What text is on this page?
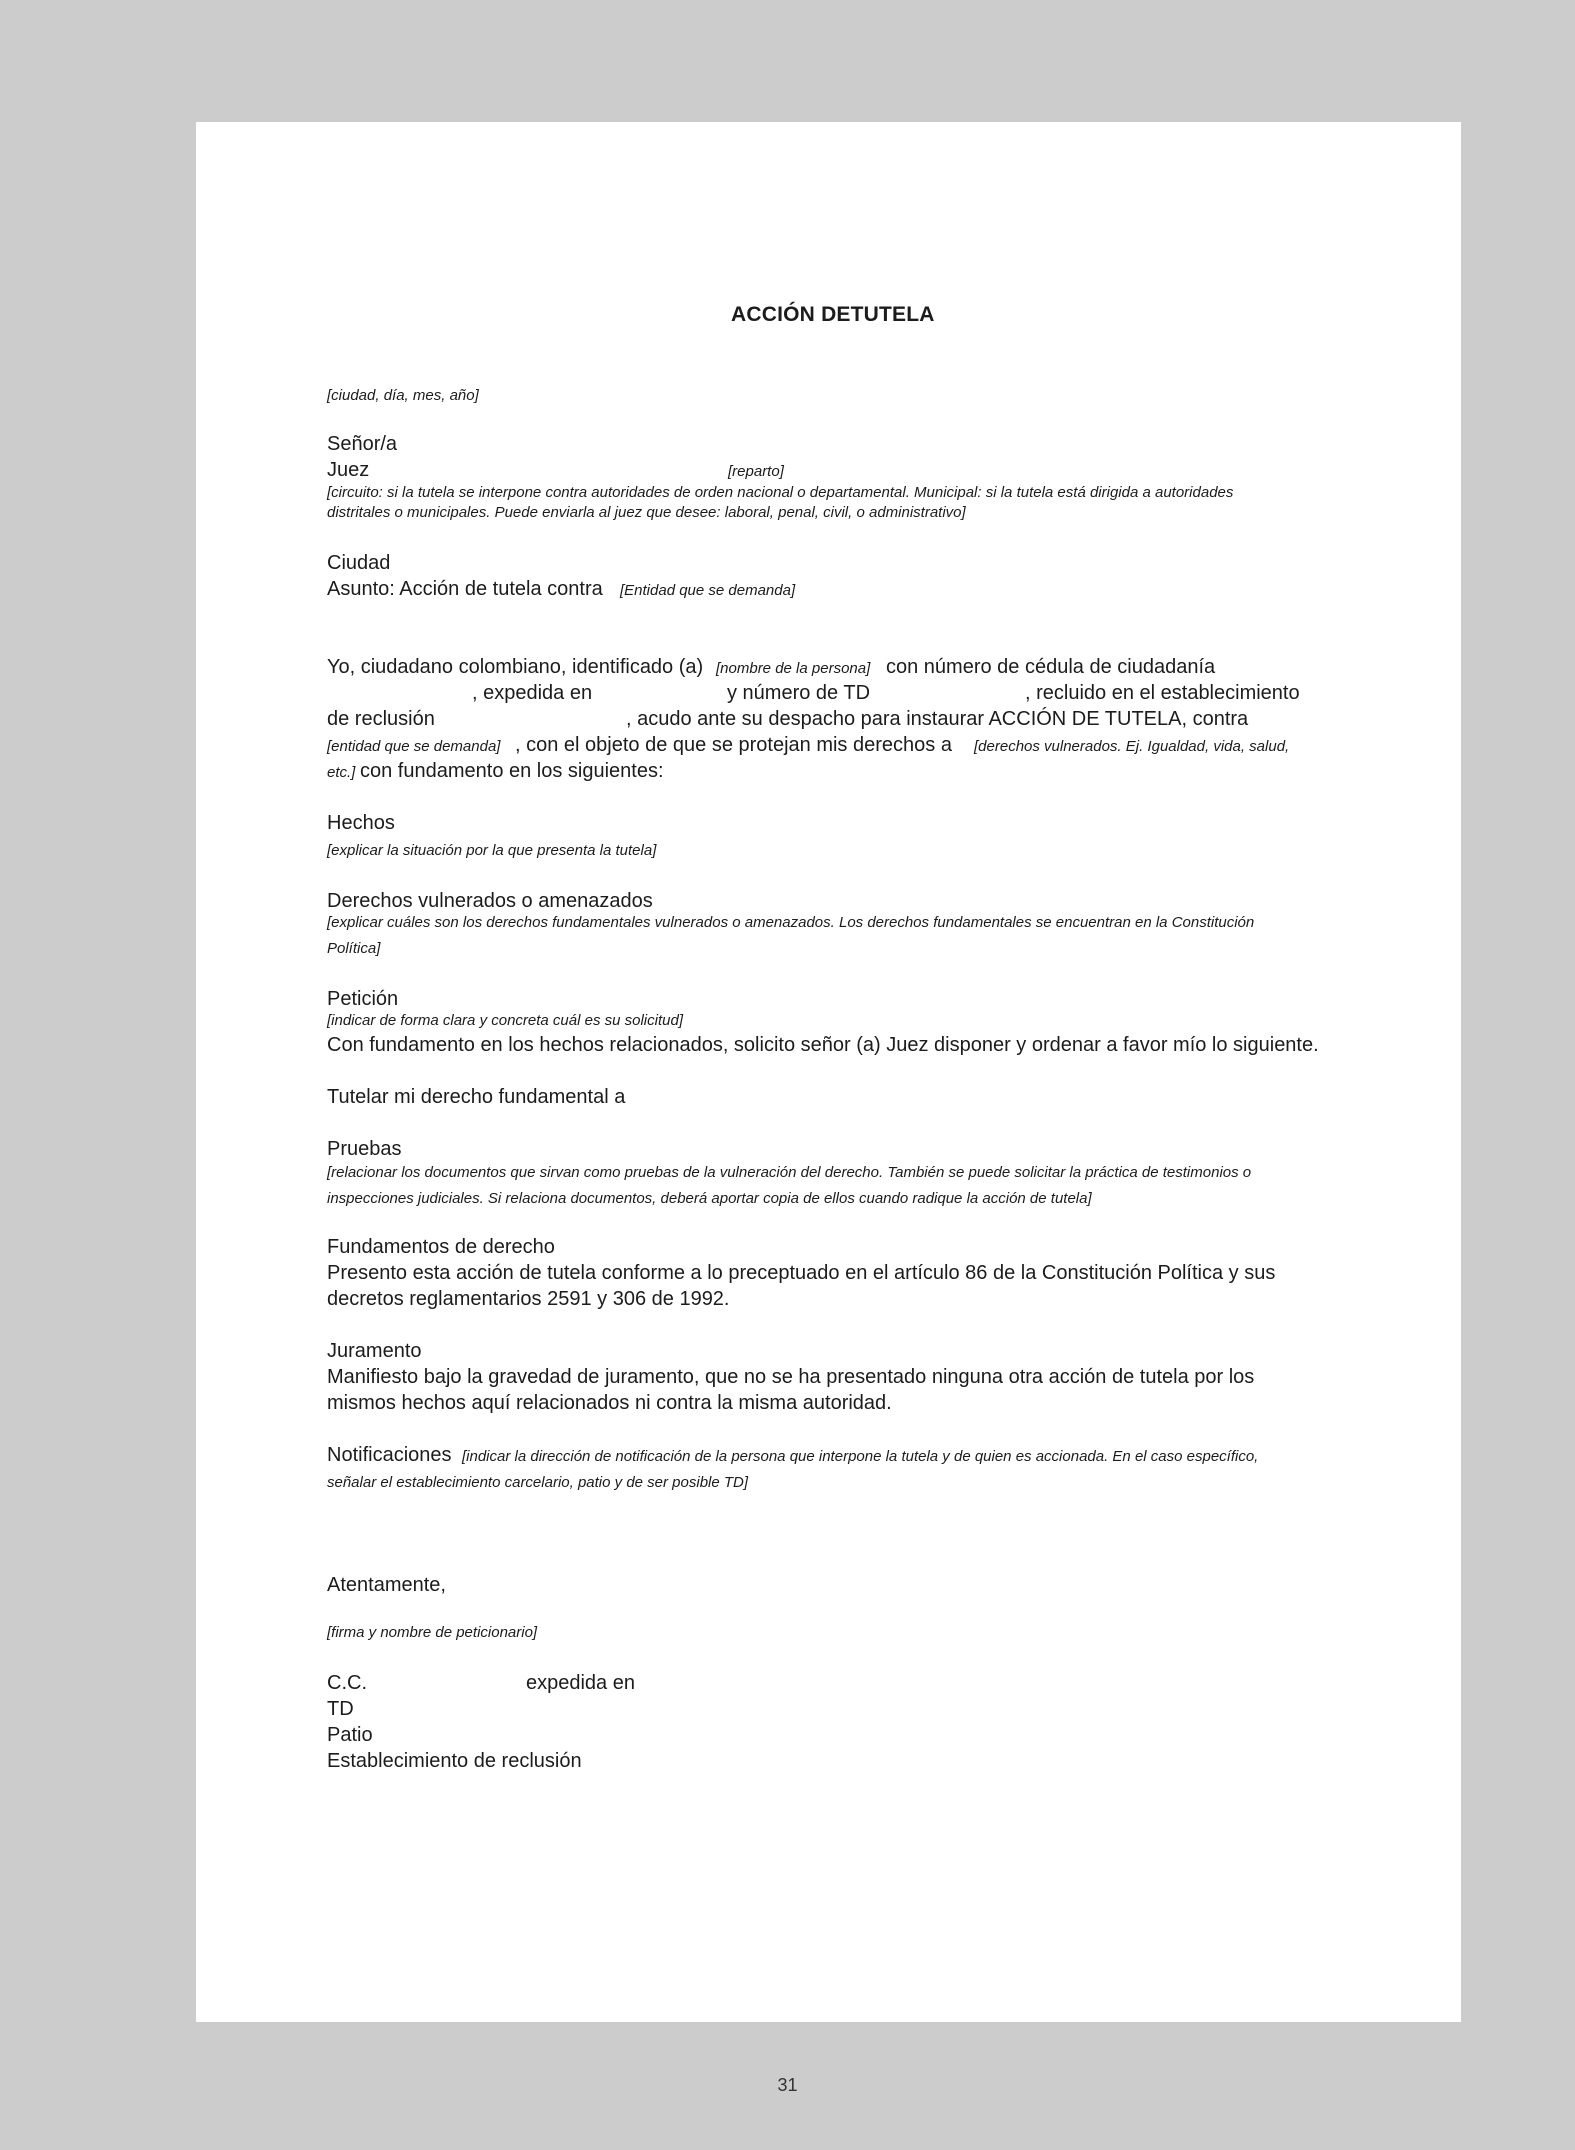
ACCIÓN DETUTELA
[ciudad, día, mes, año]
Señor/a
Juez	[reparto]
[circuito: si la tutela se interpone contra autoridades de orden nacional o departamental. Municipal: si la tutela está dirigida a autoridades
distritales o municipales. Puede enviarla al juez que desee: laboral, penal, civil, o administrativo]
Ciudad
Asunto: Acción de tutela contra [Entidad que se demanda]
Yo, ciudadano colombiano, identificado (a) [nombre de la persona] con número de cédula de ciudadanía
, expedida en	y número de TD	, recluido en el establecimiento
de reclusión	, acudo ante su despacho para instaurar ACCIÓN DE TUTELA, contra
[entidad que se demanda] , con el objeto de que se protejan mis derechos a [derechos vulnerados. Ej. Igualdad, vida, salud,
etc.] con fundamento en los siguientes:
Hechos
[explicar la situación por la que presenta la tutela]
Derechos vulnerados o amenazados
[explicar cuáles son los derechos fundamentales vulnerados o amenazados. Los derechos fundamentales se encuentran en la Constitución
Política]
Petición
[indicar de forma clara y concreta cuál es su solicitud]
Con fundamento en los hechos relacionados, solicito señor (a) Juez disponer y ordenar a favor mío lo siguiente.
Tutelar mi derecho fundamental a
Pruebas
[relacionar los documentos que sirvan como pruebas de la vulneración del derecho. También se puede solicitar la práctica de testimonios o
inspecciones judiciales. Si relaciona documentos, deberá aportar copia de ellos cuando radique la acción de tutela]
Fundamentos de derecho
Presento esta acción de tutela conforme a lo preceptuado en el artículo 86 de la Constitución Política y sus
decretos reglamentarios 2591 y 306 de 1992.
Juramento
Manifiesto bajo la gravedad de juramento, que no se ha presentado ninguna otra acción de tutela por los
mismos hechos aquí relacionados ni contra la misma autoridad.
Notificaciones [indicar la dirección de notificación de la persona que interpone la tutela y de quien es accionada. En el caso específico,
señalar el establecimiento carcelario, patio y de ser posible TD]
Atentamente,
[firma y nombre de peticionario]
C.C.	expedida en
TD
Patio
Establecimiento de reclusión
31
